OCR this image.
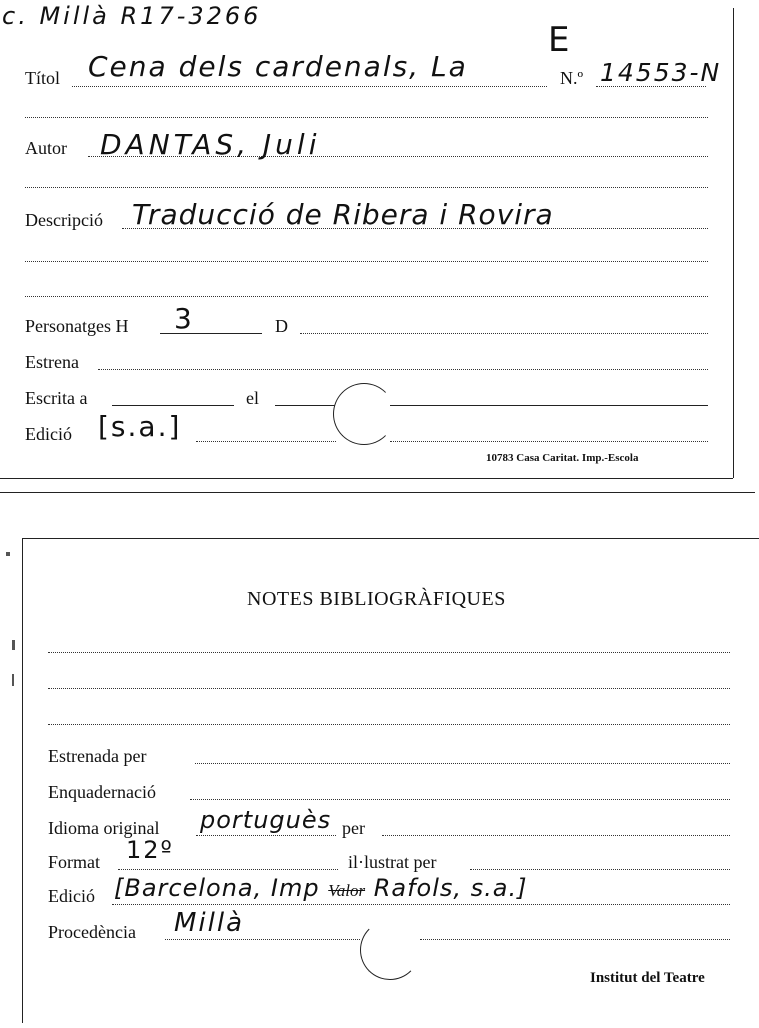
c. Millà R17-3266
E
Títol Cena dels cardenals, La	N.º 14553-N
Autor DANTAS, Juli
Descripció Traducció de Ribera i Rovira
Personatges H 3	D
Estrena
Escrita a	el
Edició [s.a.]
10783 Casa Caritat. Imp.-Escola
NOTES BIBLIOGRÀFIQUES
Estrenada per
Enquadernació
Idioma original portuguès per
Format 12º	il·lustrat per
Edició [Barcelona, Imp Valor Rafols, s.a.]
Procedència Millà
Institut del Teatre
